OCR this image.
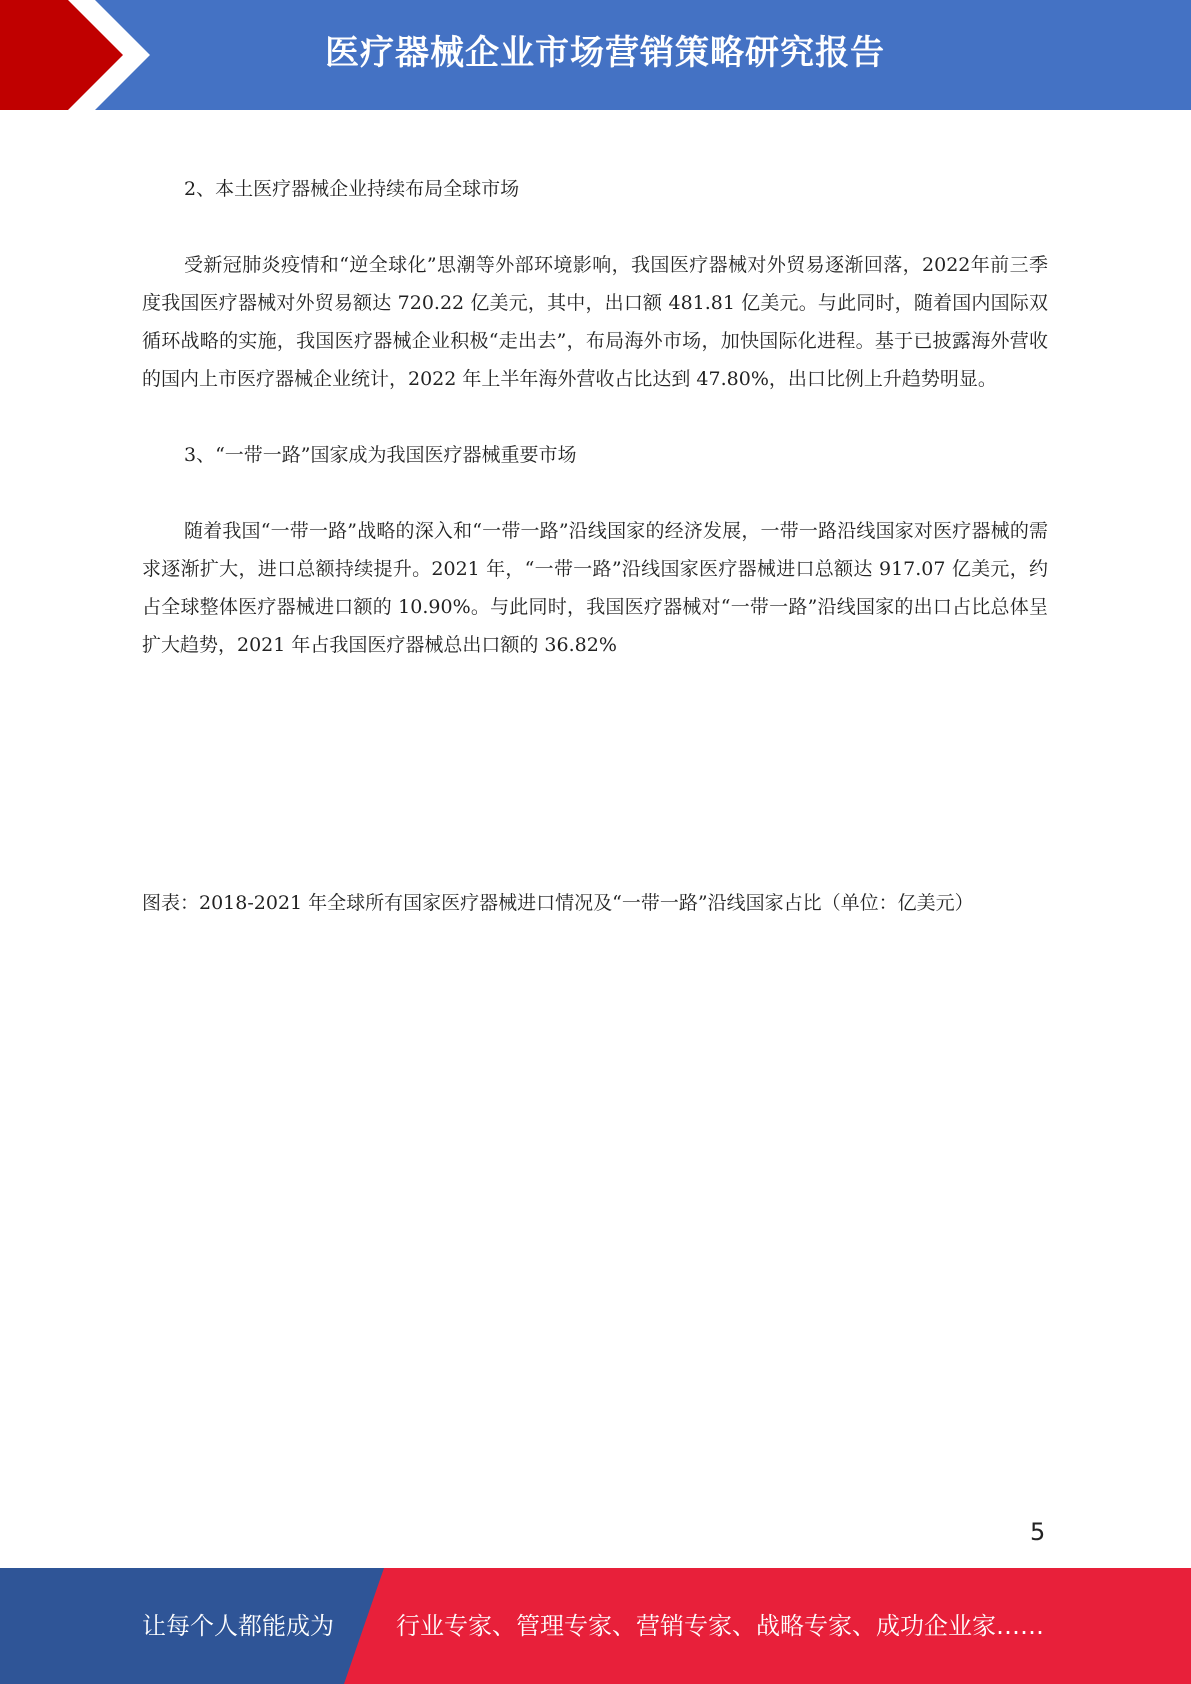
医疗器械企业市场营销策略研究报告

2、本土医疗器械企业持续布局全球市场

受新冠肺炎疫情和“逆全球化”思潮等外部环境影响，我国医疗器械对外贸易逐渐回落，2022年前三季度我国医疗器械对外贸易额达 720.22 亿美元，其中，出口额 481.81 亿美元。与此同时，随着国内国际双循环战略的实施，我国医疗器械企业积极“走出去”，布局海外市场，加快国际化进程。基于已披露海外营收的国内上市医疗器械企业统计，2022 年上半年海外营收占比达到 47.80%，出口比例上升趋势明显。

3、“一带一路”国家成为我国医疗器械重要市场

随着我国“一带一路”战略的深入和“一带一路”沿线国家的经济发展，一带一路沿线国家对医疗器械的需求逐渐扩大，进口总额持续提升。2021 年，“一带一路”沿线国家医疗器械进口总额达 917.07 亿美元，约占全球整体医疗器械进口额的 10.90%。与此同时，我国医疗器械对“一带一路”沿线国家的出口占比总体呈扩大趋势，2021 年占我国医疗器械总出口额的 36.82%

图表：2018-2021 年全球所有国家医疗器械进口情况及“一带一路”沿线国家占比（单位：亿美元）

5
让每个人都能成为	行业专家、管理专家、营销专家、战略专家、成功企业家……
